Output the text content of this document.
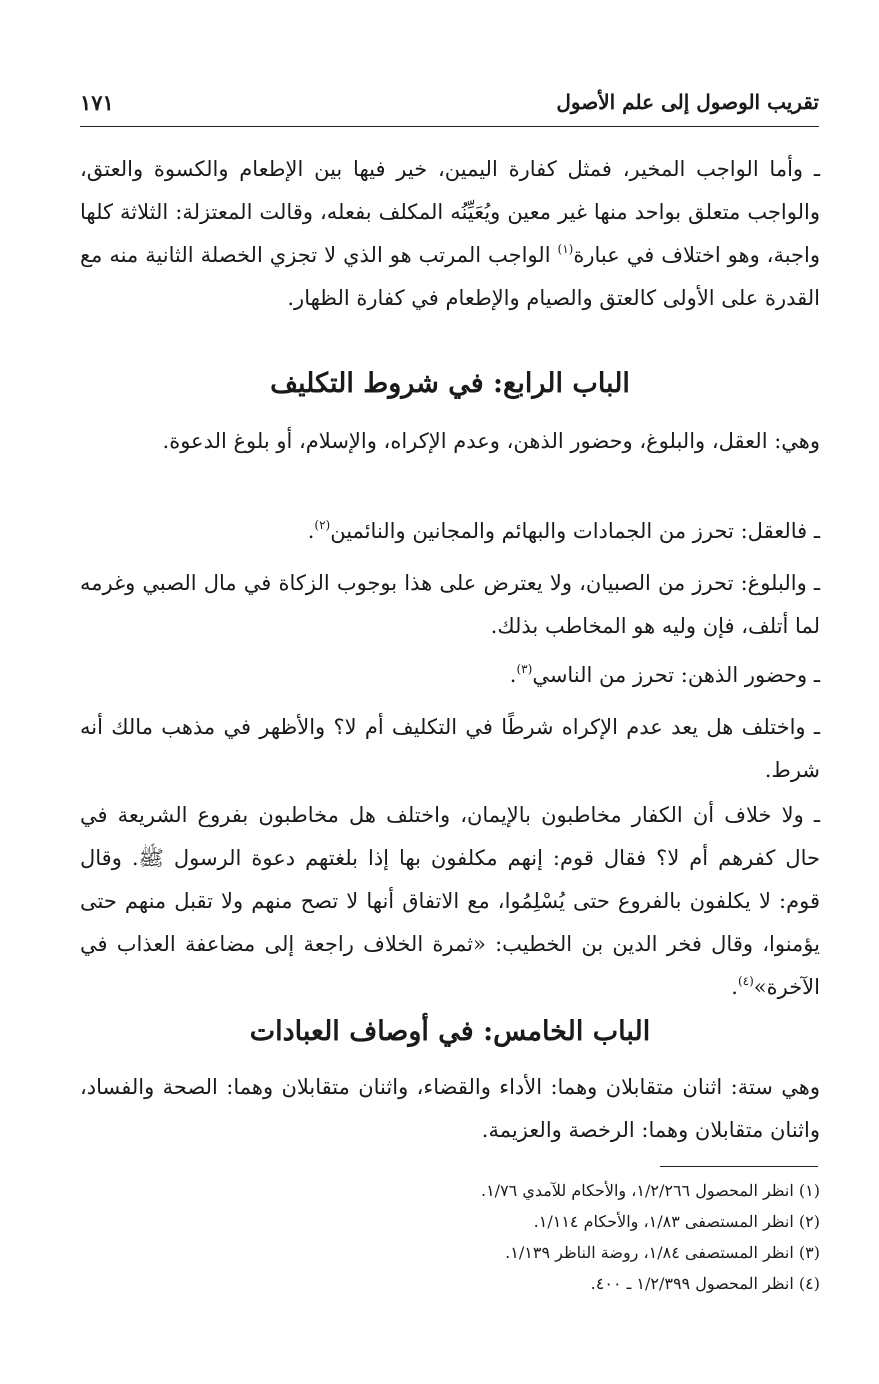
تقريب الوصول إلى علم الأصول
١٧١
ـ وأما الواجب المخير، فمثل كفارة اليمين، خير فيها بين الإطعام والكسوة والعتق، والواجب متعلق بواحد منها غير معين ويُعَيِّنُه المكلف بفعله، وقالت المعتزلة: الثلاثة كلها واجبة، وهو اختلاف في عبارة$^{(١)}$ الواجب المرتب هو الذي لا تجزي الخصلة الثانية منه مع القدرة على الأولى كالعتق والصيام والإطعام في كفارة الظهار.
الباب الرابع: في شروط التكليف
وهي: العقل، والبلوغ، وحضور الذهن، وعدم الإكراه، والإسلام، أو بلوغ الدعوة.
ـ فالعقل: تحرز من الجمادات والبهائم والمجانين والنائمين$^{(٢)}$.
ـ والبلوغ: تحرز من الصبيان، ولا يعترض على هذا بوجوب الزكاة في مال الصبي وغرمه لما أتلف، فإن وليه هو المخاطب بذلك.
ـ وحضور الذهن: تحرز من الناسي$^{(٣)}$.
ـ واختلف هل يعد عدم الإكراه شرطًا في التكليف أم لا؟ والأظهر في مذهب مالك أنه شرط.
ـ ولا خلاف أن الكفار مخاطبون بالإيمان، واختلف هل مخاطبون بفروع الشريعة في حال كفرهم أم لا؟ فقال قوم: إنهم مكلفون بها إذا بلغتهم دعوة الرسول ﷺ. وقال قوم: لا يكلفون بالفروع حتى يُسْلِمُوا، مع الاتفاق أنها لا تصح منهم ولا تقبل منهم حتى يؤمنوا، وقال فخر الدين بن الخطيب: «ثمرة الخلاف راجعة إلى مضاعفة العذاب في الآخرة»$^{(٤)}$.
الباب الخامس: في أوصاف العبادات
وهي ستة: اثنان متقابلان وهما: الأداء والقضاء، واثنان متقابلان وهما: الصحة والفساد، واثنان متقابلان وهما: الرخصة والعزيمة.
(١) انظر المحصول ١/٢/٢٦٦، والأحكام للآمدي ١/٧٦.
(٢) انظر المستصفى ١/٨٣، والأحكام ١/١١٤.
(٣) انظر المستصفى ١/٨٤، روضة الناظر ١/١٣٩.
(٤) انظر المحصول ١/٢/٣٩٩ ـ ٤٠٠.
